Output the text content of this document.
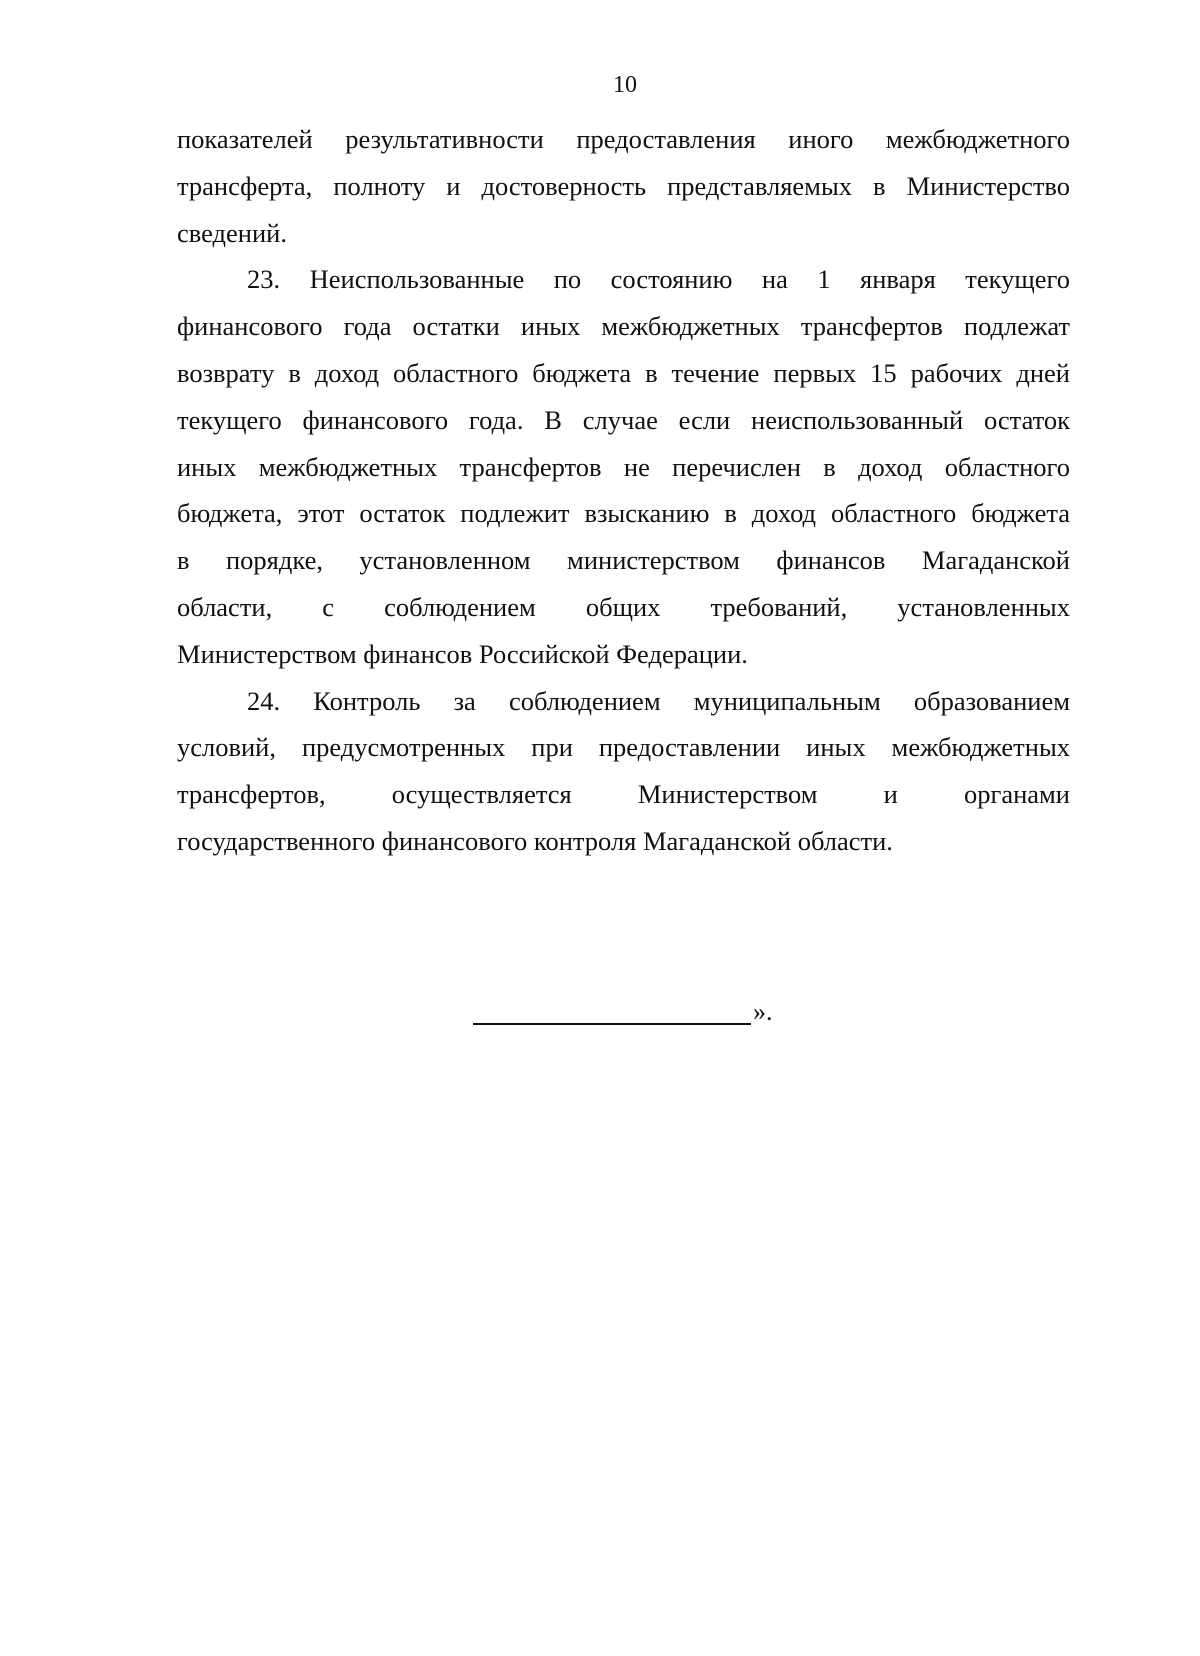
10

показателей результативности предоставления иного межбюджетного
трансферта, полноту и достоверность представляемых в Министерство
сведений.

23. Неиспользованные по состоянию на 1 января текущего
финансового года остатки иных межбюджетных трансфертов подлежат
возврату в доход областного бюджета в течение первых 15 рабочих дней
текущего финансового года. В случае если неиспользованный остаток
иных межбюджетных трансфертов не перечислен в доход областного
бюджета, этот остаток подлежит взысканию в доход областного бюджета
в порядке, установленном министерством финансов Магаданской
области, с соблюдением общих требований, установленных
Министерством финансов Российской Федерации.

24. Контроль за соблюдением муниципальным образованием
условий, предусмотренных при предоставлении иных межбюджетных
трансфертов, осуществляется Министерством и органами
государственного финансового контроля Магаданской области.

».
